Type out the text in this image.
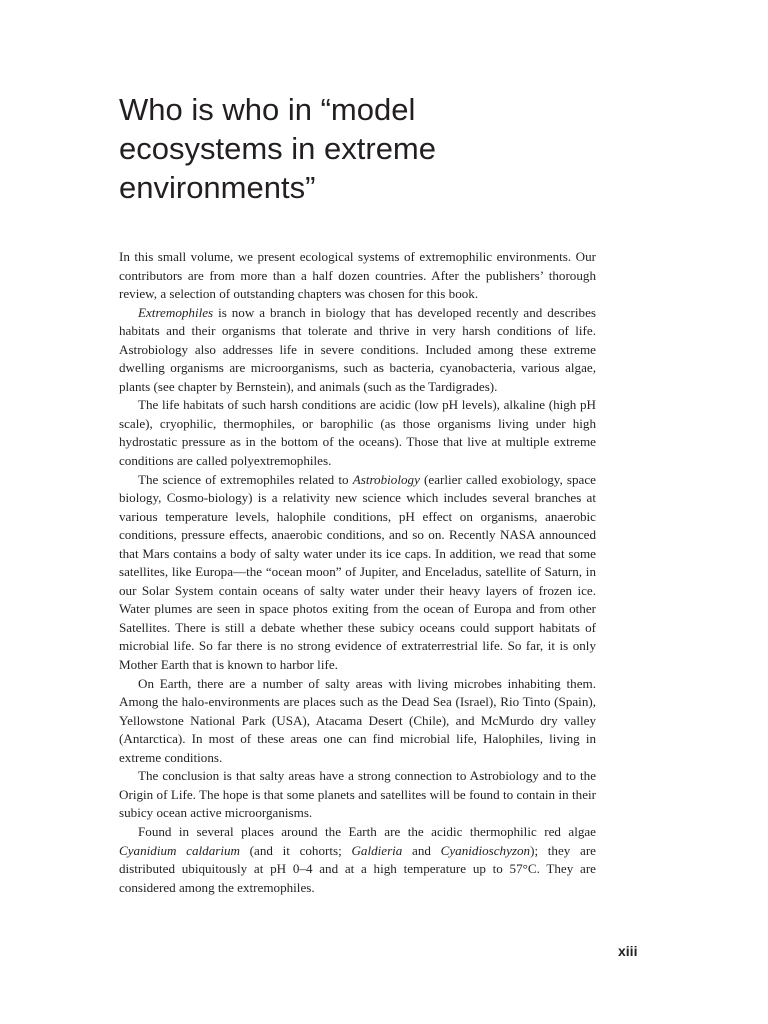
Who is who in “model
ecosystems in extreme
environments”

In this small volume, we present ecological systems of extremophilic environments. Our contributors are from more than a half dozen countries. After the publishers’ thorough review, a selection of outstanding chapters was chosen for this book.

Extremophiles is now a branch in biology that has developed recently and describes habitats and their organisms that tolerate and thrive in very harsh conditions of life. Astrobiology also addresses life in severe conditions. Included among these extreme dwelling organisms are microorganisms, such as bacteria, cyanobacteria, various algae, plants (see chapter by Bernstein), and animals (such as the Tardigrades).

The life habitats of such harsh conditions are acidic (low pH levels), alkaline (high pH scale), cryophilic, thermophiles, or barophilic (as those organisms living under high hydrostatic pressure as in the bottom of the oceans). Those that live at multiple extreme conditions are called polyextremophiles.

The science of extremophiles related to Astrobiology (earlier called exobiology, space biology, Cosmo-biology) is a relativity new science which includes several branches at various temperature levels, halophile conditions, pH effect on organisms, anaerobic conditions, pressure effects, anaerobic conditions, and so on. Recently NASA announced that Mars contains a body of salty water under its ice caps. In addition, we read that some satellites, like Europa—the “ocean moon” of Jupiter, and Enceladus, satellite of Saturn, in our Solar System contain oceans of salty water under their heavy layers of frozen ice. Water plumes are seen in space photos exiting from the ocean of Europa and from other Satellites. There is still a debate whether these subicy oceans could support habitats of microbial life. So far there is no strong evidence of extraterrestrial life. So far, it is only Mother Earth that is known to harbor life.

On Earth, there are a number of salty areas with living microbes inhabiting them. Among the halo-environments are places such as the Dead Sea (Israel), Rio Tinto (Spain), Yellowstone National Park (USA), Atacama Desert (Chile), and McMurdo dry valley (Antarctica). In most of these areas one can find microbial life, Halophiles, living in extreme conditions.

The conclusion is that salty areas have a strong connection to Astrobiology and to the Origin of Life. The hope is that some planets and satellites will be found to contain in their subicy ocean active microorganisms.

Found in several places around the Earth are the acidic thermophilic red algae Cyanidium caldarium (and it cohorts; Galdieria and Cyanidioschyzon); they are distributed ubiquitously at pH 0–4 and at a high temperature up to 57°C. They are considered among the extremophiles.

xiii
